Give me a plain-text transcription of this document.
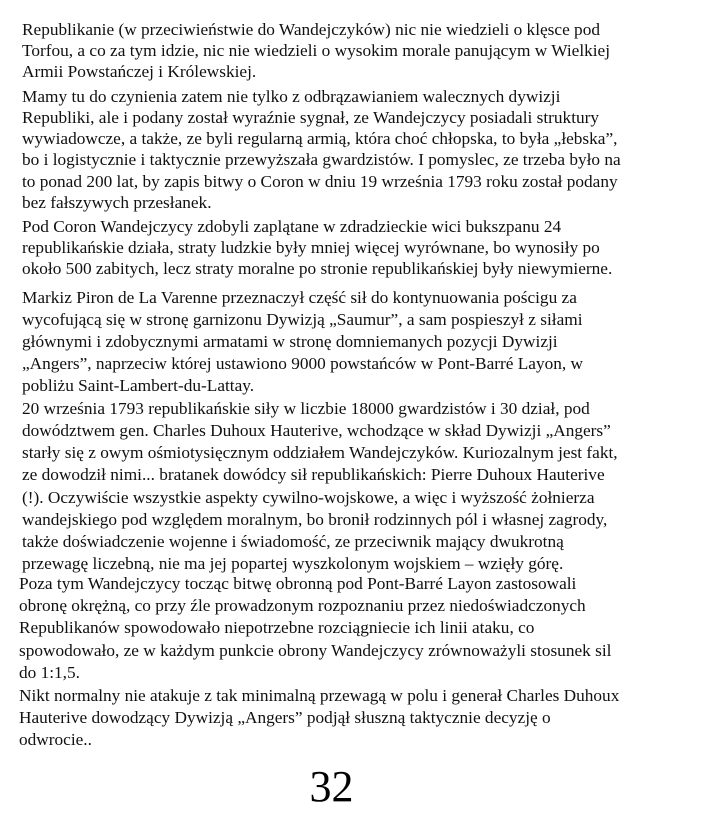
Republikanie (w przeciwieństwie do Wandejczyków) nic nie wiedzieli o klęsce pod
Torfou, a co za tym idzie, nic nie wiedzieli o wysokim morale panującym w Wielkiej
Armii Powstańczej i Królewskiej.
Mamy tu do czynienia zatem nie tylko z odbrązawianiem walecznych dywizji
Republiki, ale i podany został wyraźnie sygnał, ze Wandejczycy posiadali struktury
wywiadowcze, a także, ze byli regularną armią, która choć chłopska, to była „łebska”,
bo i logistycznie i taktycznie przewyższała gwardzistów. I pomyslec, ze trzeba było na
to ponad 200 lat, by zapis bitwy o Coron w dniu 19 września 1793 roku został podany
bez fałszywych przesłanek.
Pod Coron Wandejczycy zdobyli zaplątane w zdradzieckie wici bukszpanu 24
republikańskie działa, straty ludzkie były mniej więcej wyrównane, bo wynosiły po
około 500 zabitych, lecz straty moralne po stronie republikańskiej były niewymierne.
Markiz Piron de La Varenne przeznaczył część sił do kontynuowania pościgu za
wycofującą się w stronę garnizonu Dywizją „Saumur”, a sam pospieszył z siłami
głównymi i zdobycznymi armatami w stronę domniemanych pozycji Dywizji
„Angers”, naprzeciw której ustawiono 9000 powstańców w Pont-Barré Layon, w
pobliżu Saint-Lambert-du-Lattay.
20 września 1793 republikańskie siły w liczbie 18000 gwardzistów i 30 dział, pod
dowództwem gen. Charles Duhoux Hauterive, wchodzące w skład Dywizji „Angers”
starły się z owym ośmiotysięcznym oddziałem Wandejczyków. Kuriozalnym jest fakt,
ze dowodził nimi... bratanek dowódcy sił republikańskich: Pierre Duhoux Hauterive
(!). Oczywiście wszystkie aspekty cywilno-wojskowe, a więc i wyższość żołnierza
wandejskiego pod względem moralnym, bo bronił rodzinnych pól i własnej zagrody,
także doświadczenie wojenne i świadomość, ze przeciwnik mający dwukrotną
przewagę liczebną, nie ma jej popartej wyszkolonym wojskiem – wzięły górę.
Poza tym Wandejczycy tocząc bitwę obronną pod Pont-Barré Layon zastosowali
obronę okrężną, co przy źle prowadzonym rozpoznaniu przez niedoświadczonych
Republikanów spowodowało niepotrzebne rozciągniecie ich linii ataku, co
spowodowało, ze w każdym punkcie obrony Wandejczycy zrównoważyli stosunek sil
do 1:1,5.
Nikt normalny nie atakuje z tak minimalną przewagą w polu i generał Charles Duhoux
Hauterive dowodzący Dywizją „Angers” podjął słuszną taktycznie decyzję o
odwrocie..
32
